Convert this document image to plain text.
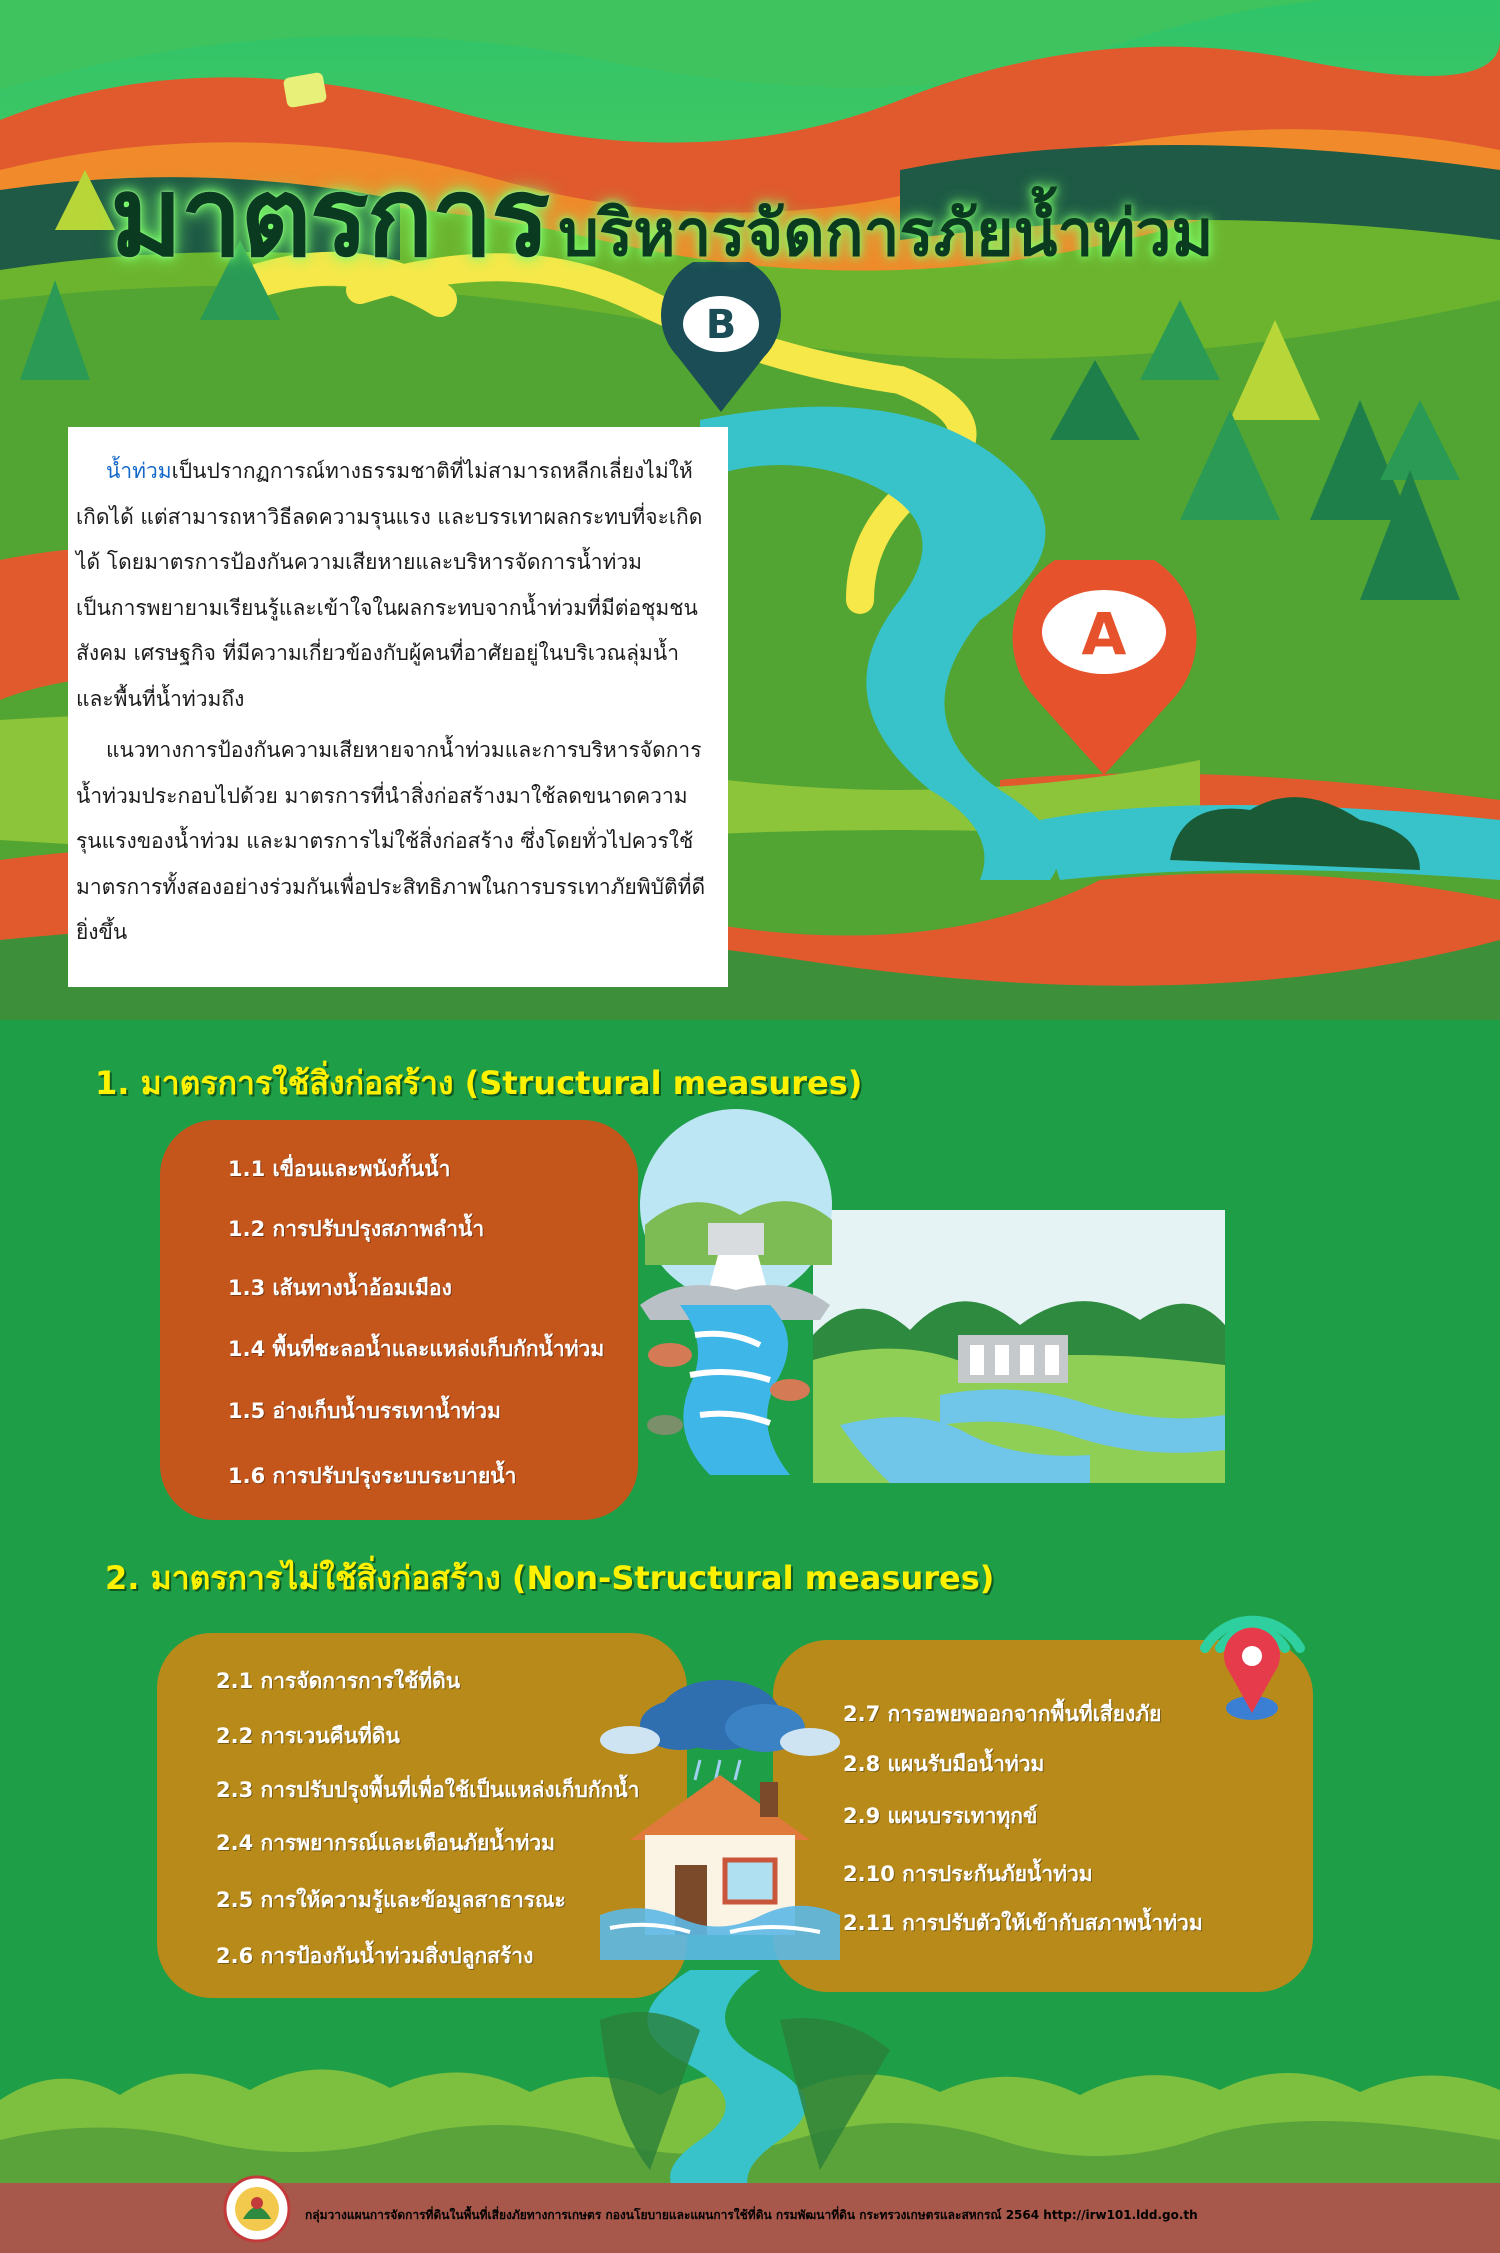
B
A
มาตรการ บริหารจัดการภัยน้ำท่วม

น้ำท่วมเป็นปรากฏการณ์ทางธรรมชาติที่ไม่สามารถหลีกเลี่ยงไม่ให้เกิดได้ แต่สามารถหาวิธีลดความรุนแรง และบรรเทาผลกระทบที่จะเกิดได้ โดยมาตรการป้องกันความเสียหายและบริหารจัดการน้ำท่วม เป็นการพยายามเรียนรู้และเข้าใจในผลกระทบจากน้ำท่วมที่มีต่อชุมชน สังคม เศรษฐกิจ ที่มีความเกี่ยวข้องกับผู้คนที่อาศัยอยู่ในบริเวณลุ่มน้ำและพื้นที่น้ำท่วมถึง

แนวทางการป้องกันความเสียหายจากน้ำท่วมและการบริหารจัดการน้ำท่วมประกอบไปด้วย มาตรการที่นำสิ่งก่อสร้างมาใช้ลดขนาดความรุนแรงของน้ำท่วม และมาตรการไม่ใช้สิ่งก่อสร้าง ซึ่งโดยทั่วไปควรใช้มาตรการทั้งสองอย่างร่วมกันเพื่อประสิทธิภาพในการบรรเทาภัยพิบัติที่ดียิ่งขึ้น

1. มาตรการใช้สิ่งก่อสร้าง (Structural measures)
1.1 เขื่อนและพนังกั้นน้ำ
1.2 การปรับปรุงสภาพลำน้ำ
1.3 เส้นทางน้ำอ้อมเมือง
1.4 พื้นที่ชะลอน้ำและแหล่งเก็บกักน้ำท่วม
1.5 อ่างเก็บน้ำบรรเทาน้ำท่วม
1.6 การปรับปรุงระบบระบายน้ำ
2. มาตรการไม่ใช้สิ่งก่อสร้าง (Non-Structural measures)
2.1 การจัดการการใช้ที่ดิน
2.2 การเวนคืนที่ดิน
2.3 การปรับปรุงพื้นที่เพื่อใช้เป็นแหล่งเก็บกักน้ำ
2.4 การพยากรณ์และเตือนภัยน้ำท่วม
2.5 การให้ความรู้และข้อมูลสาธารณะ
2.6 การป้องกันน้ำท่วมสิ่งปลูกสร้าง
2.7 การอพยพออกจากพื้นที่เสี่ยงภัย
2.8 แผนรับมือน้ำท่วม
2.9 แผนบรรเทาทุกข์
2.10 การประกันภัยน้ำท่วม
2.11 การปรับตัวให้เข้ากับสภาพน้ำท่วม
กลุ่มวางแผนการจัดการที่ดินในพื้นที่เสี่ยงภัยทางการเกษตร กองนโยบายและแผนการใช้ที่ดิน กรมพัฒนาที่ดิน กระทรวงเกษตรและสหกรณ์ 2564 http://irw101.ldd.go.th
